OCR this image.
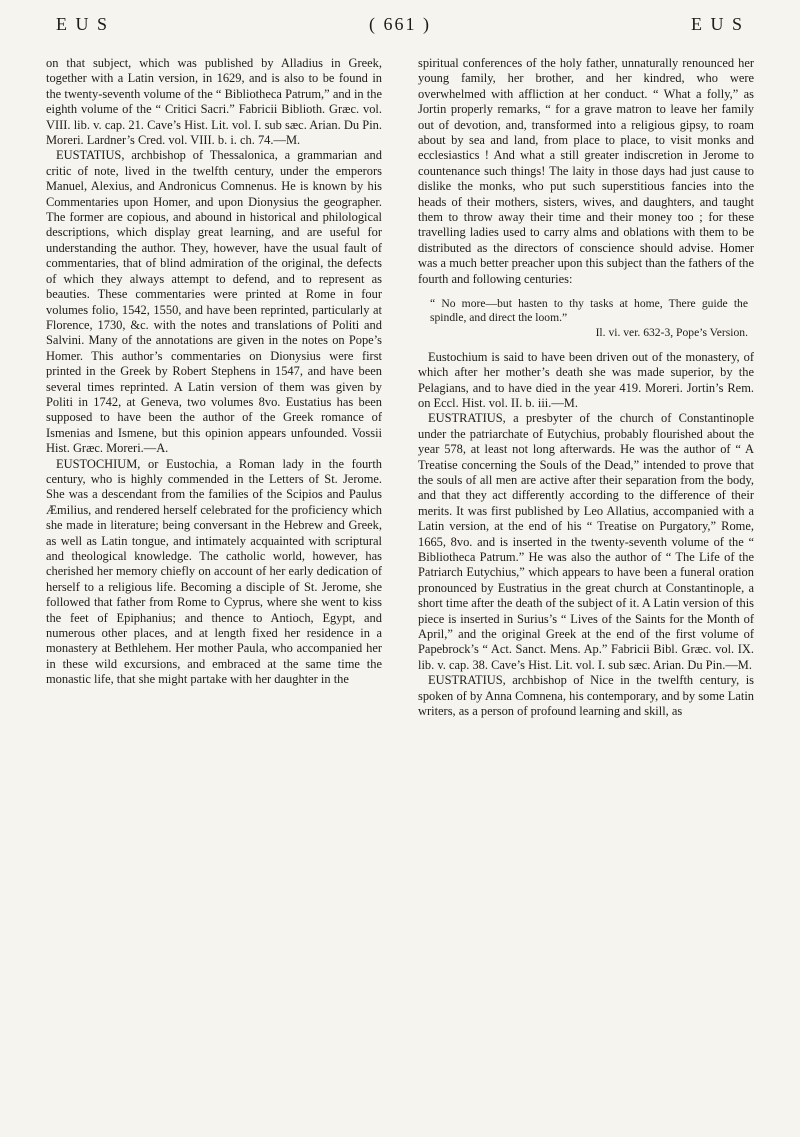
E U S	( 661 )	E U S

on that subject, which was published by Alladius in Greek, together with a Latin version, in 1629, and is also to be found in the twenty-seventh volume of the “ Bibliotheca Patrum,” and in the eighth volume of the “ Critici Sacri.” Fabricii Biblioth. Græc. vol. VIII. lib. v. cap. 21. Cave’s Hist. Lit. vol. I. sub sæc. Arian. Du Pin. Moreri. Lardner’s Cred. vol. VIII. b. i. ch. 74.—M.

EUSTATIUS, archbishop of Thessalonica, a grammarian and critic of note, lived in the twelfth century, under the emperors Manuel, Alexius, and Andronicus Comnenus. He is known by his Commentaries upon Homer, and upon Dionysius the geographer. The former are copious, and abound in historical and philological descriptions, which display great learning, and are useful for understanding the author. They, however, have the usual fault of commentaries, that of blind admiration of the original, the defects of which they always attempt to defend, and to represent as beauties. These commentaries were printed at Rome in four volumes folio, 1542, 1550, and have been reprinted, particularly at Florence, 1730, &c. with the notes and translations of Politi and Salvini. Many of the annotations are given in the notes on Pope’s Homer. This author’s commentaries on Dionysius were first printed in the Greek by Robert Stephens in 1547, and have been several times reprinted. A Latin version of them was given by Politi in 1742, at Geneva, two volumes 8vo. Eustatius has been supposed to have been the author of the Greek romance of Ismenias and Ismene, but this opinion appears unfounded. Vossii Hist. Græc. Moreri.—A.

EUSTOCHIUM, or Eustochia, a Roman lady in the fourth century, who is highly commended in the Letters of St. Jerome. She was a descendant from the families of the Scipios and Paulus Æmilius, and rendered herself celebrated for the proficiency which she made in literature; being conversant in the Hebrew and Greek, as well as Latin tongue, and intimately acquainted with scriptural and theological knowledge. The catholic world, however, has cherished her memory chiefly on account of her early dedication of herself to a religious life. Becoming a disciple of St. Jerome, she followed that father from Rome to Cyprus, where she went to kiss the feet of Epiphanius; and thence to Antioch, Egypt, and numerous other places, and at length fixed her residence in a monastery at Bethlehem. Her mother Paula, who accompanied her in these wild excursions, and embraced at the same time the monastic life, that she might partake with her daughter in the

spiritual conferences of the holy father, unnaturally renounced her young family, her brother, and her kindred, who were overwhelmed with affliction at her conduct. “ What a folly,” as Jortin properly remarks, “ for a grave matron to leave her family out of devotion, and, transformed into a religious gipsy, to roam about by sea and land, from place to place, to visit monks and ecclesiastics ! And what a still greater indiscretion in Jerome to countenance such things! The laity in those days had just cause to dislike the monks, who put such superstitious fancies into the heads of their mothers, sisters, wives, and daughters, and taught them to throw away their time and their money too ; for these travelling ladies used to carry alms and oblations with them to be distributed as the directors of conscience should advise. Homer was a much better preacher upon this subject than the fathers of the fourth and following centuries:

“ No more—but hasten to thy tasks at home, There guide the spindle, and direct the loom.”
Il. vi. ver. 632-3, Pope’s Version.

Eustochium is said to have been driven out of the monastery, of which after her mother’s death she was made superior, by the Pelagians, and to have died in the year 419. Moreri. Jortin’s Rem. on Eccl. Hist. vol. II. b. iii.—M.

EUSTRATIUS, a presbyter of the church of Constantinople under the patriarchate of Eutychius, probably flourished about the year 578, at least not long afterwards. He was the author of “ A Treatise concerning the Souls of the Dead,” intended to prove that the souls of all men are active after their separation from the body, and that they act differently according to the difference of their merits. It was first published by Leo Allatius, accompanied with a Latin version, at the end of his “ Treatise on Purgatory,” Rome, 1665, 8vo. and is inserted in the twenty-seventh volume of the “ Bibliotheca Patrum.” He was also the author of “ The Life of the Patriarch Eutychius,” which appears to have been a funeral oration pronounced by Eustratius in the great church at Constantinople, a short time after the death of the subject of it. A Latin version of this piece is inserted in Surius’s “ Lives of the Saints for the Month of April,” and the original Greek at the end of the first volume of Papebrock’s “ Act. Sanct. Mens. Ap.” Fabricii Bibl. Græc. vol. IX. lib. v. cap. 38. Cave’s Hist. Lit. vol. I. sub sæc. Arian. Du Pin.—M.

EUSTRATIUS, archbishop of Nice in the twelfth century, is spoken of by Anna Comnena, his contemporary, and by some Latin writers, as a person of profound learning and skill, as
